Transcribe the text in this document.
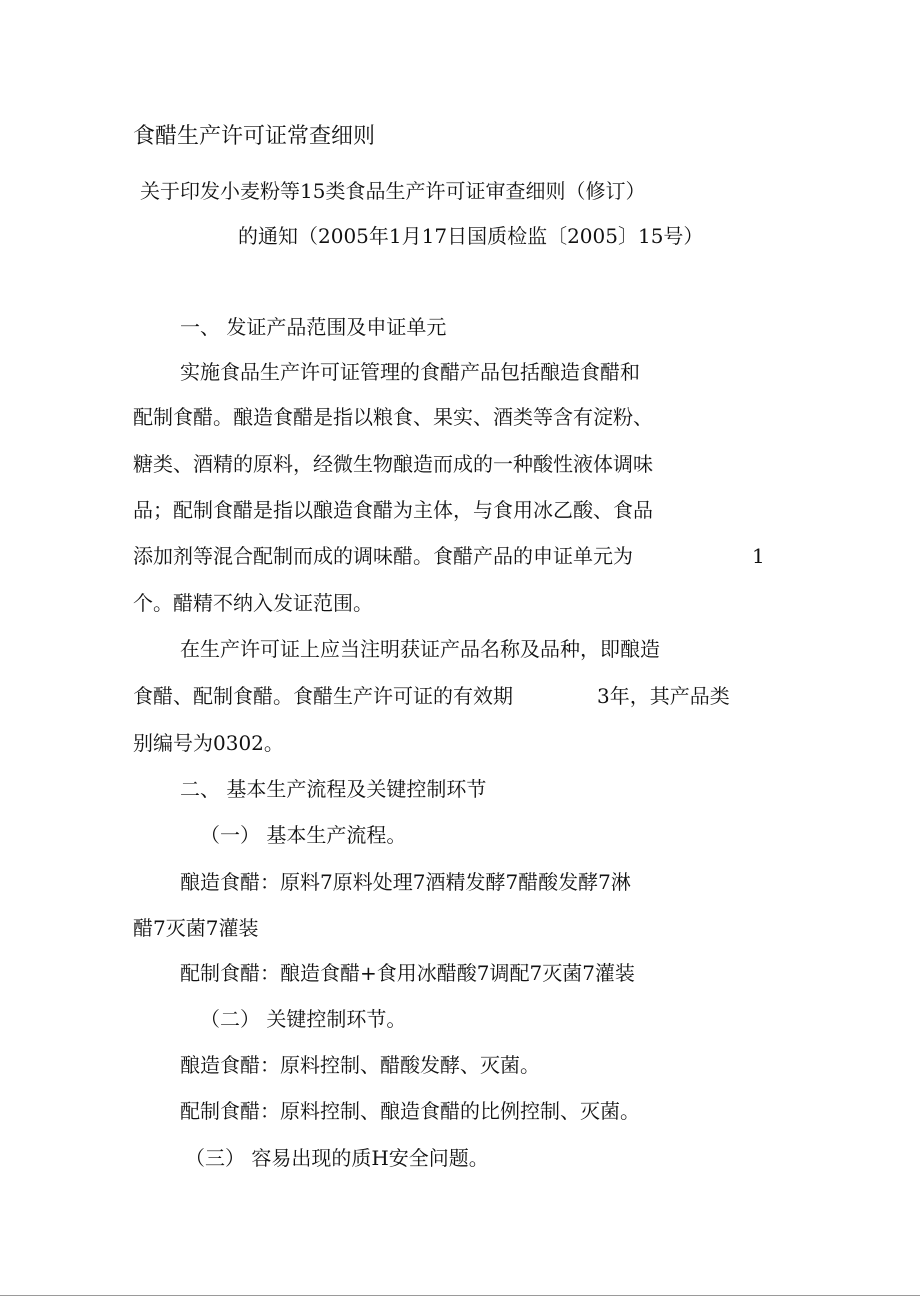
食醋生产许可证常查细则
关于印发小麦粉等15类食品生产许可证审查细则（修订）
的通知（2005年1月17日国质检监〔2005〕15号）
一、 发证产品范围及申证单元
实施食品生产许可证管理的食醋产品包括酿造食醋和
配制食醋。酿造食醋是指以粮食、果实、酒类等含有淀粉、
糖类、酒精的原料，经微生物酿造而成的一种酸性液体调味
品；配制食醋是指以酿造食醋为主体，与食用冰乙酸、食品
添加剂等混合配制而成的调味醋。食醋产品的申证单元为	1
个。醋精不纳入发证范围。
在生产许可证上应当注明获证产品名称及品种，即酿造
食醋、配制食醋。食醋生产许可证的有效期	3年，其产品类
别编号为0302。
二、 基本生产流程及关键控制环节
（一） 基本生产流程。
酿造食醋：原料7原料处理7酒精发酵7醋酸发酵7淋
醋7灭菌7灌装
配制食醋：酿造食醋+食用冰醋酸7调配7灭菌7灌装
（二） 关键控制环节。
酿造食醋：原料控制、醋酸发酵、灭菌。
配制食醋：原料控制、酿造食醋的比例控制、灭菌。
（三） 容易出现的质H安全问题。
